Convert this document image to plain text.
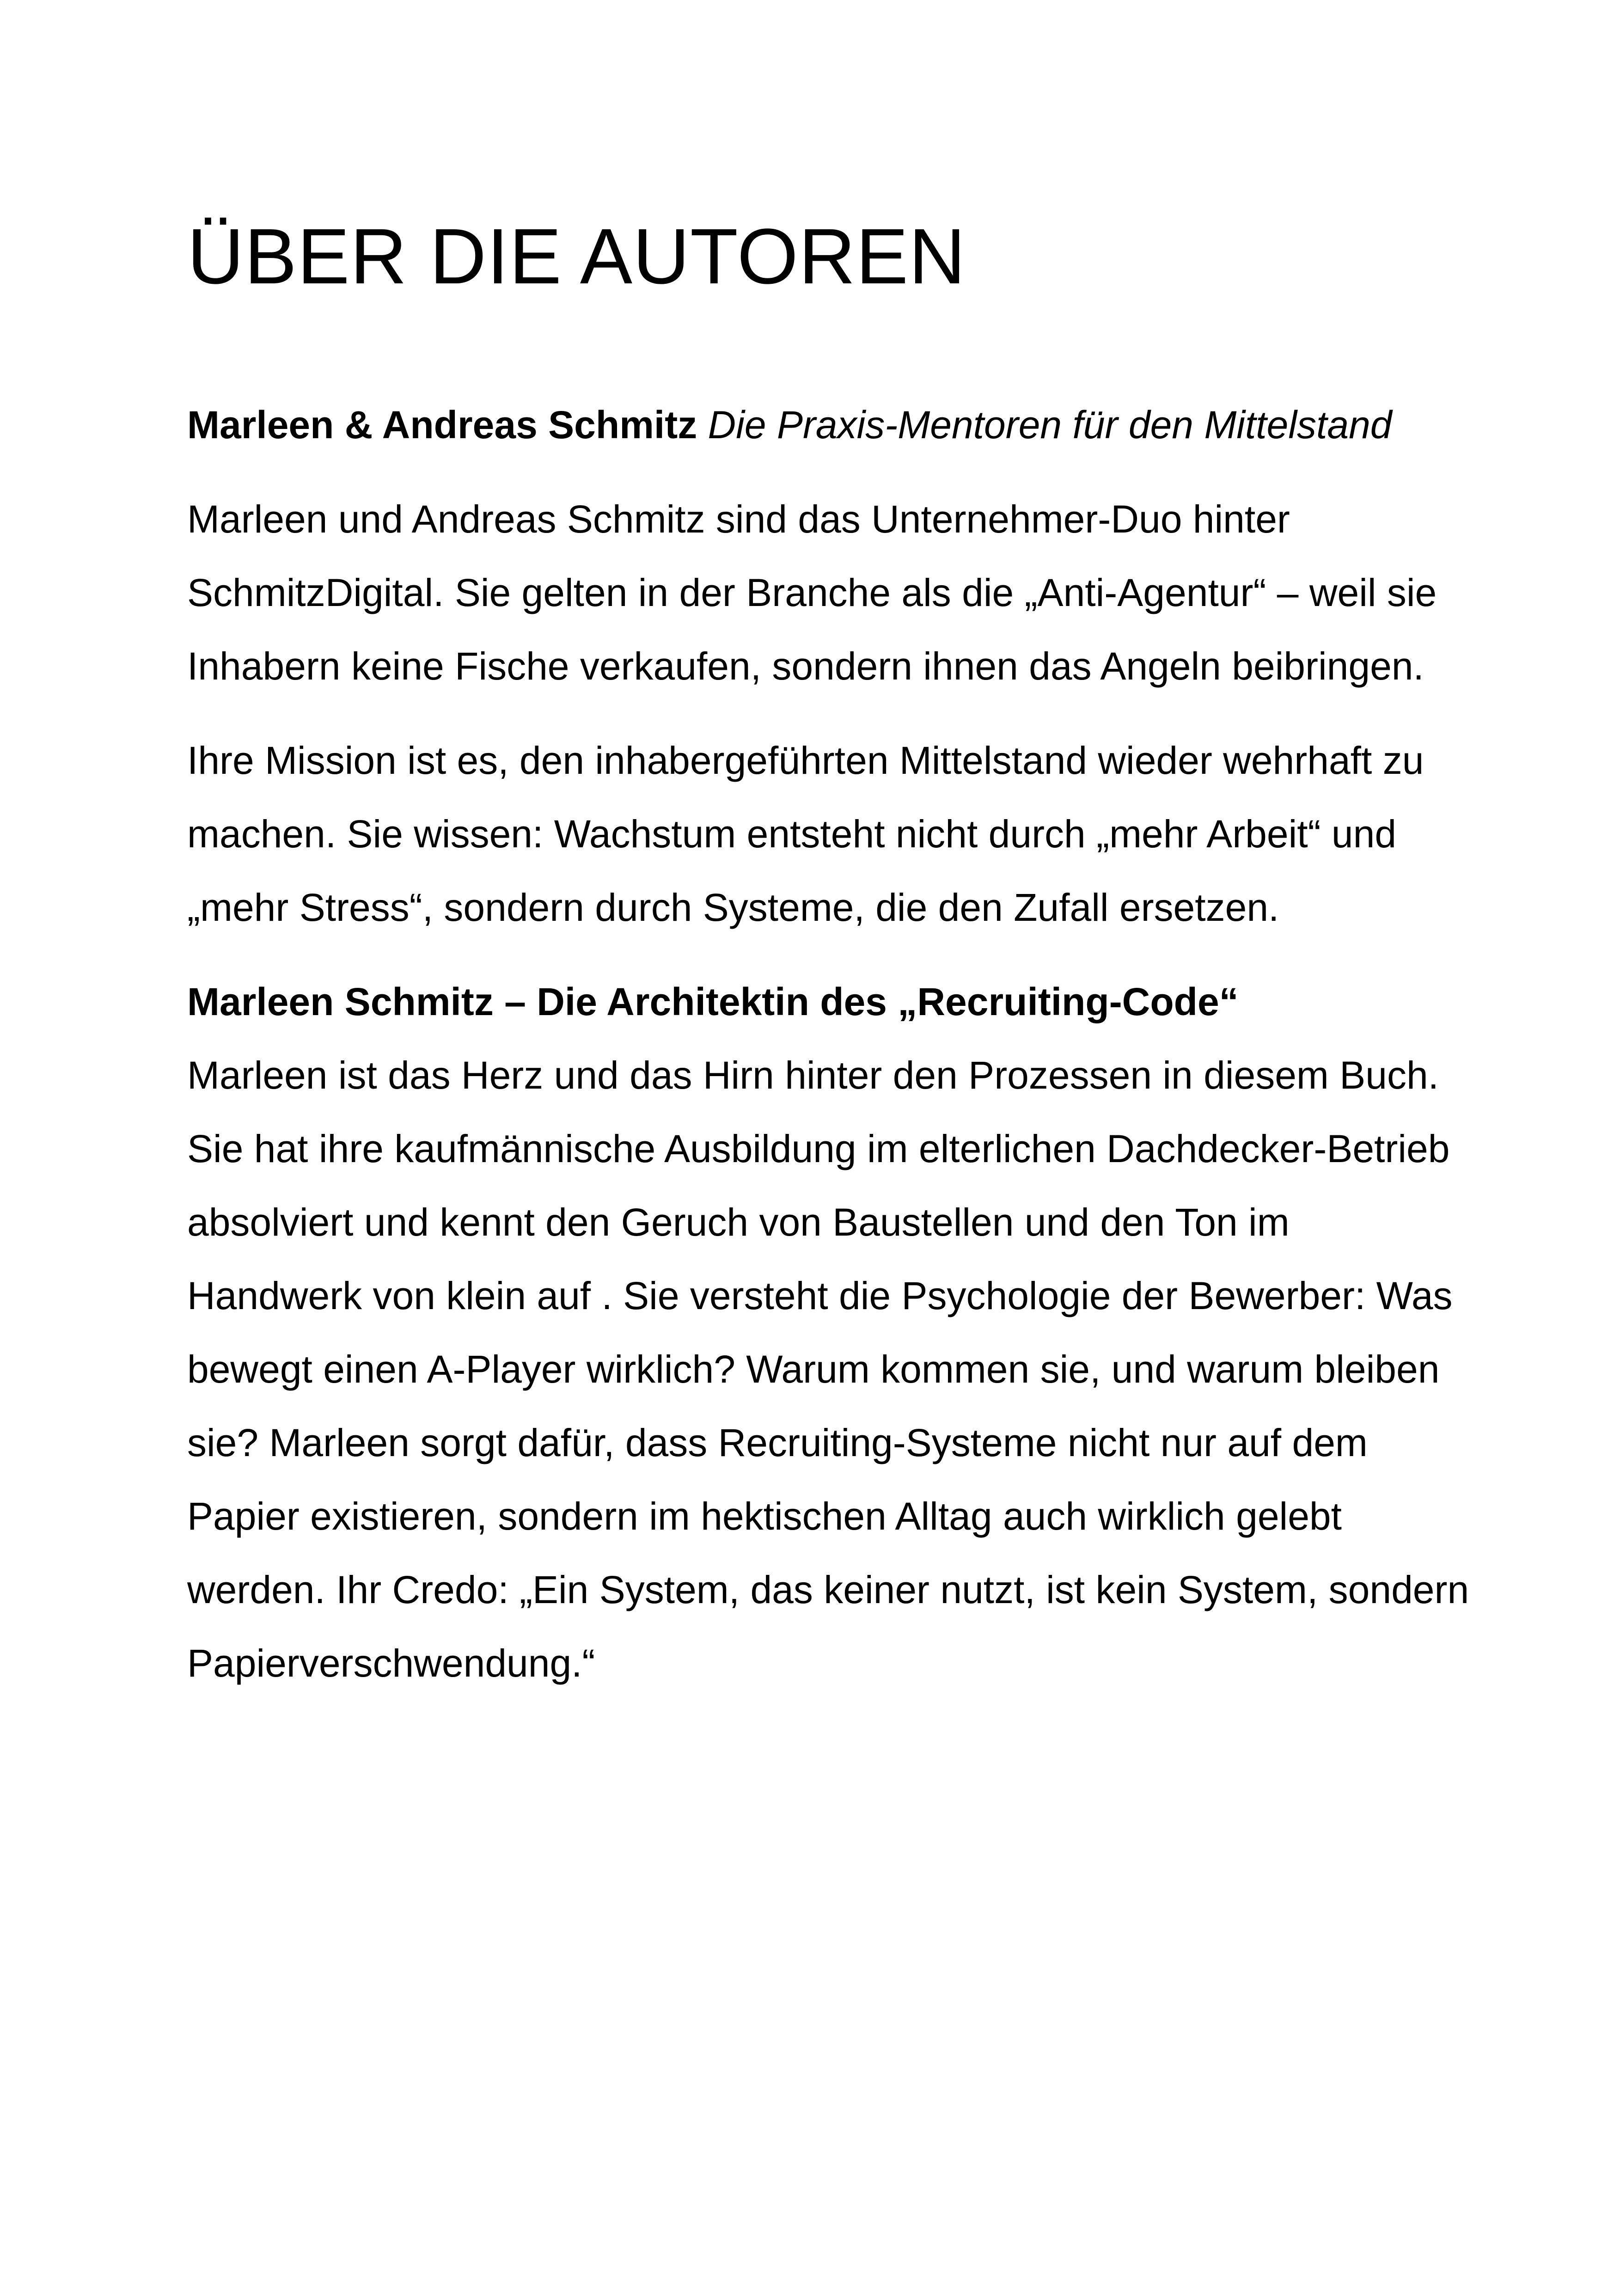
ÜBER DIE AUTOREN

Marleen & Andreas Schmitz Die Praxis-Mentoren für den Mittelstand

Marleen und Andreas Schmitz sind das Unternehmer-Duo hinter SchmitzDigital. Sie gelten in der Branche als die „Anti-Agentur“ – weil sie Inhabern keine Fische verkaufen, sondern ihnen das Angeln beibringen.

Ihre Mission ist es, den inhabergeführten Mittelstand wieder wehrhaft zu machen. Sie wissen: Wachstum entsteht nicht durch „mehr Arbeit“ und „mehr Stress“, sondern durch Systeme, die den Zufall ersetzen.

Marleen Schmitz – Die Architektin des „Recruiting-Code“
Marleen ist das Herz und das Hirn hinter den Prozessen in diesem Buch. Sie hat ihre kaufmännische Ausbildung im elterlichen Dachdecker-Betrieb absolviert und kennt den Geruch von Baustellen und den Ton im Handwerk von klein auf . Sie versteht die Psychologie der Bewerber: Was bewegt einen A-Player wirklich? Warum kommen sie, und warum bleiben sie? Marleen sorgt dafür, dass Recruiting-Systeme nicht nur auf dem Papier existieren, sondern im hektischen Alltag auch wirklich gelebt werden. Ihr Credo: „Ein System, das keiner nutzt, ist kein System, sondern Papierverschwendung.“
